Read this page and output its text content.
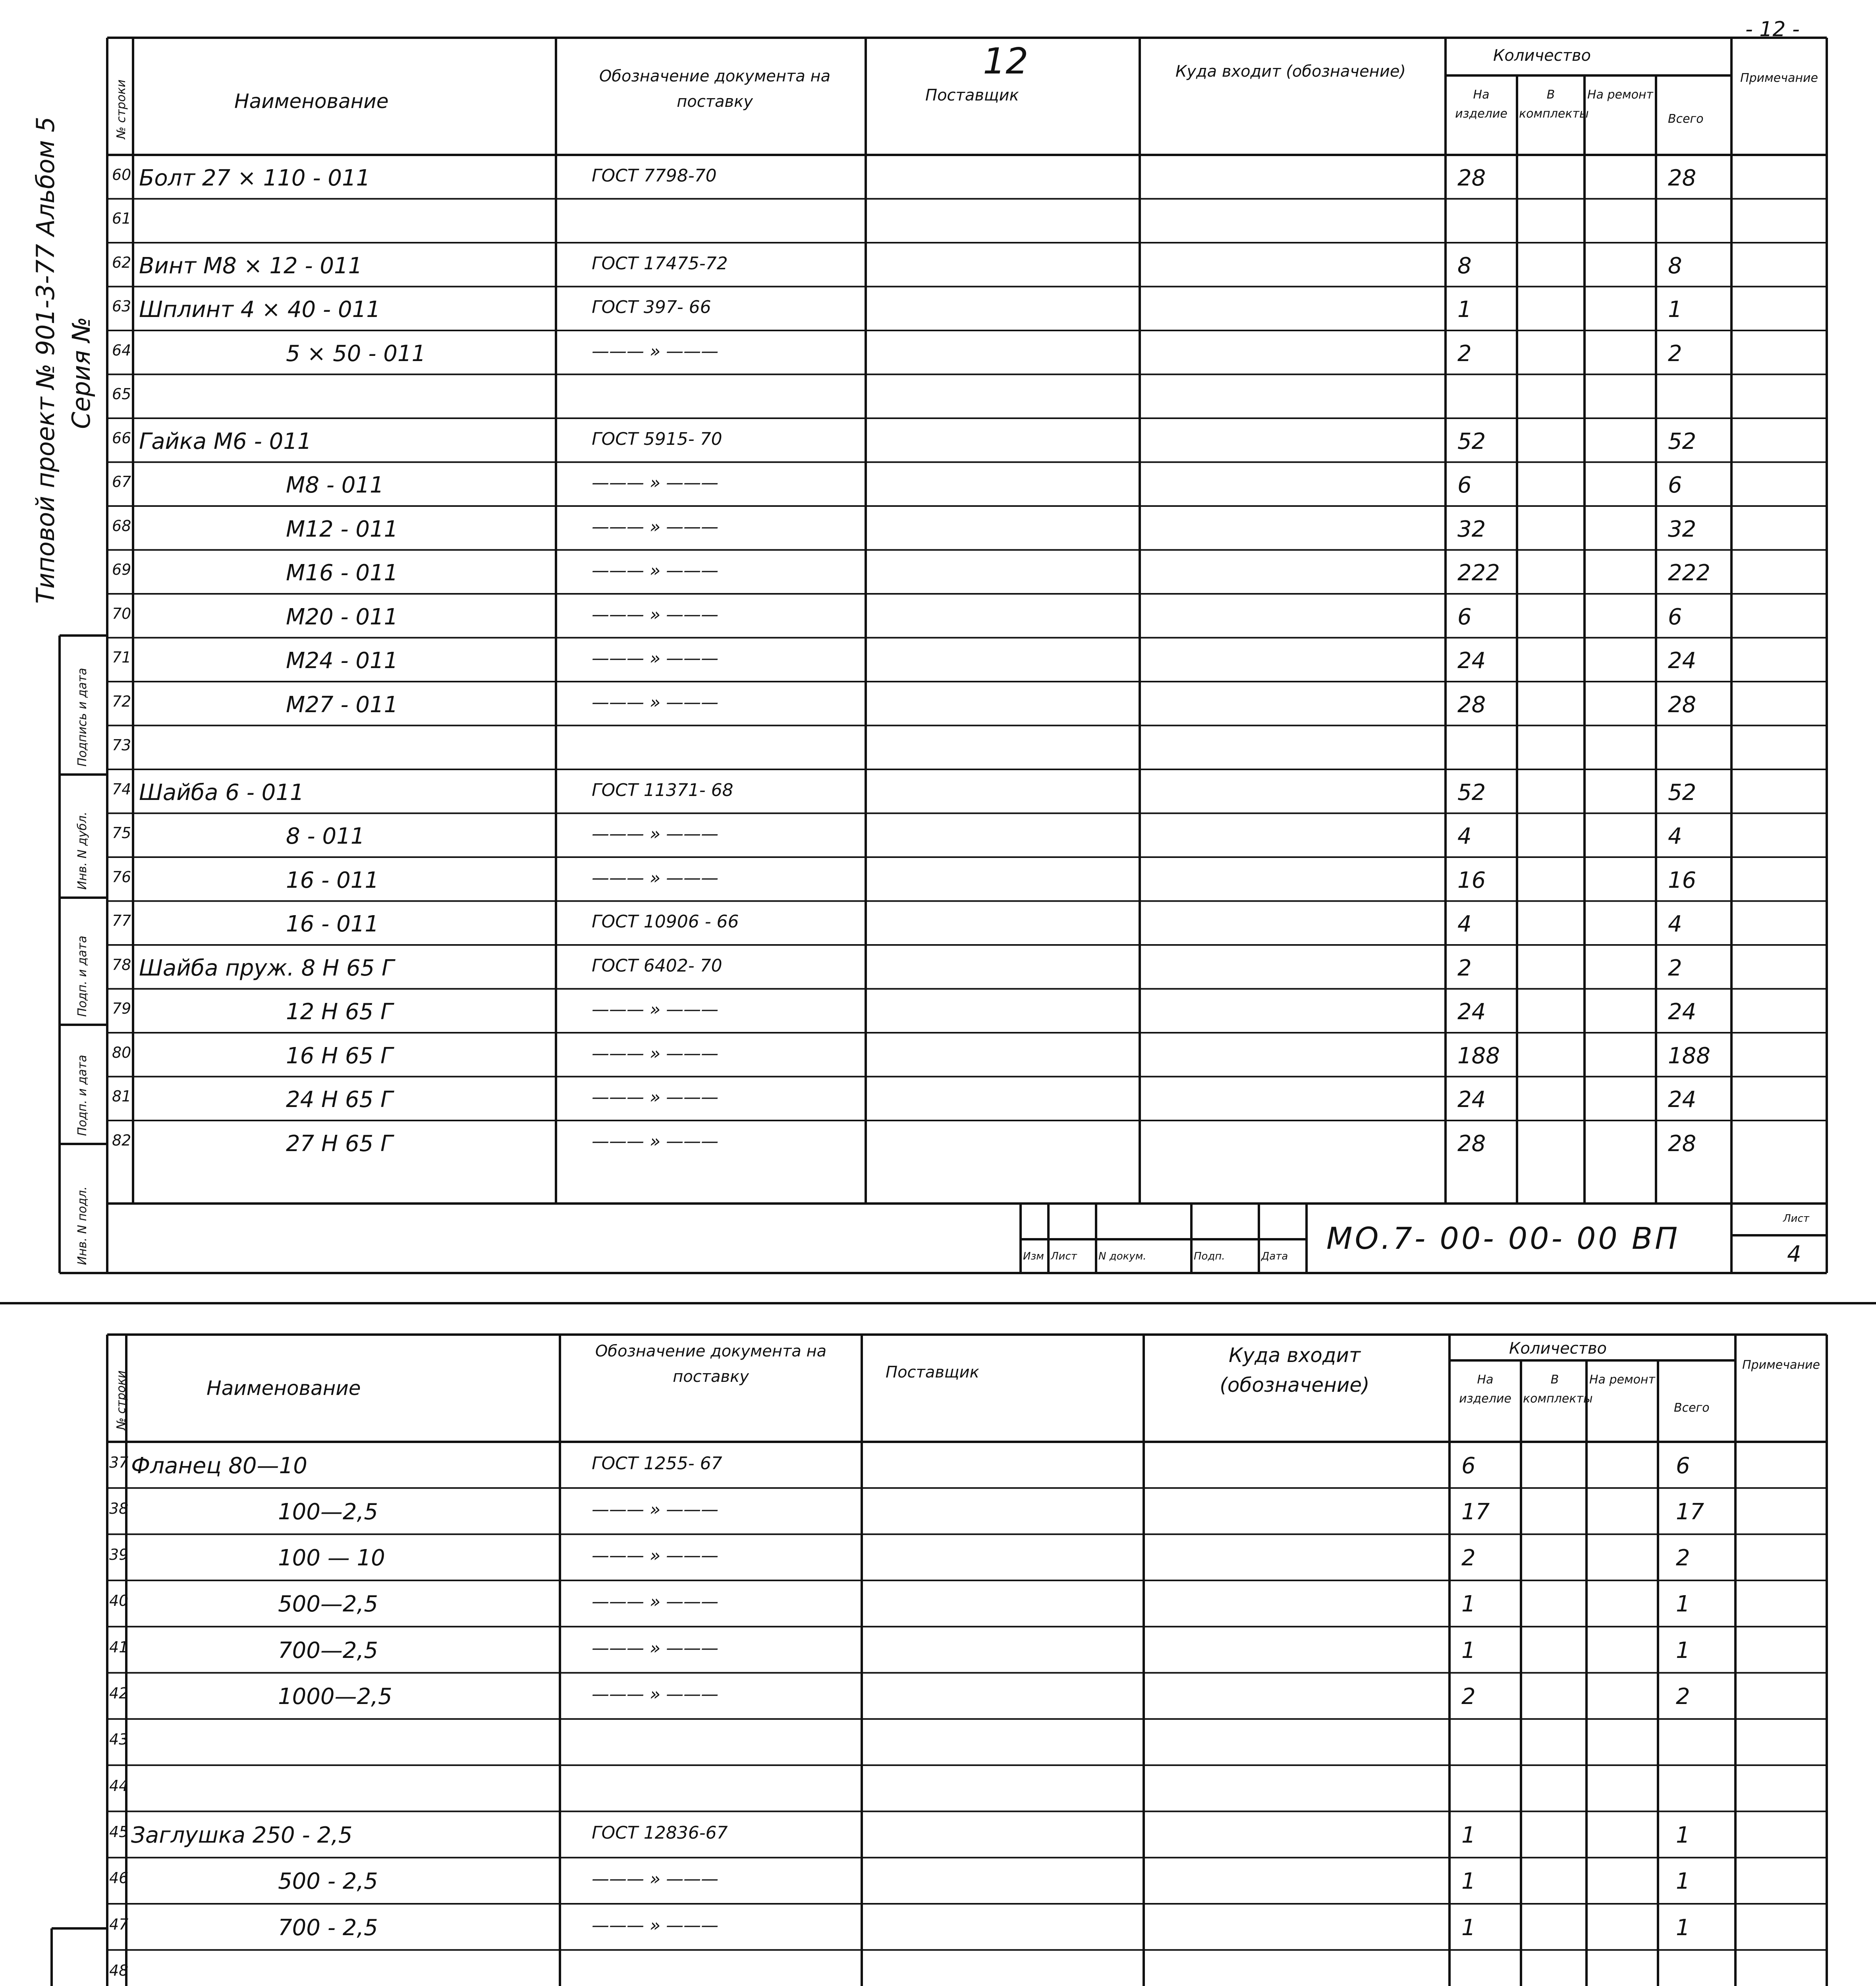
- 12 -
Типовой проект № 901-3-77 Альбом 5 Серия №
№ строки	Наименование
Обозначение документа на поставку
12
Поставщик
Куда входит (обозначение)
Количество
На изделие
В комплекты
На ремонт
Всего
Примечание
60 Болт 27 × 110 - 011	ГОСТ 7798-70	28	28
61
62 Винт М8 × 12 - 011	ГОСТ 17475-72	8	8
63 Шплинт 4 × 40 - 011	ГОСТ 397- 66	1	1
64	5 × 50 - 011	——— » ———	2	2
65
66 Гайка М6 - 011	ГОСТ 5915- 70	52	52
67	М8 - 011	——— » ———	6	6
68	М12 - 011	——— » ———	32	32
69	М16 - 011	——— » ———	222	222
70	М20 - 011	——— » ———	6	6
71	М24 - 011	——— » ———	24	24
72	М27 - 011	——— » ———	28	28
73
74 Шайба 6 - 011	ГОСТ 11371- 68	52	52
75	8 - 011	——— » ———	4	4
76	16 - 011	——— » ———	16	16
77	16 - 011	ГОСТ 10906 - 66	4	4
78 Шайба пруж. 8 Н 65 Г	ГОСТ 6402- 70	2	2
79	12 Н 65 Г	——— » ———	24	24
80	16 Н 65 Г	——— » ———	188	188
81	24 Н 65 Г	——— » ———	24	24
82	27 Н 65 Г	——— » ———	28	28
Подпись и дата
Инв. N дубл.
Подп. и дата
Подп. и дата
Инв. N подл.	Изм Лист N докум.	Подп.	Дата
МО.7- 00- 00- 00 ВП
Лист
4
№ строки	Наименование
Обозначение документа на поставку	Поставщик
Куда входит (обозначение)
Количество
На изделие
В комплекты
На ремонт
Всего
Примечание
37 Фланец 80—10	ГОСТ 1255- 67	6	6
38	100—2,5	——— » ———	17	17
39	100 — 10	——— » ———	2	2
40	500—2,5	——— » ———	1	1
41	700—2,5	——— » ———	1	1
42	1000—2,5	——— » ———	2	2
43
44
45 Заглушка 250 - 2,5	ГОСТ 12836-67	1	1
46	500 - 2,5	——— » ———	1	1
47	700 - 2,5	——— » ———	1	1
48
